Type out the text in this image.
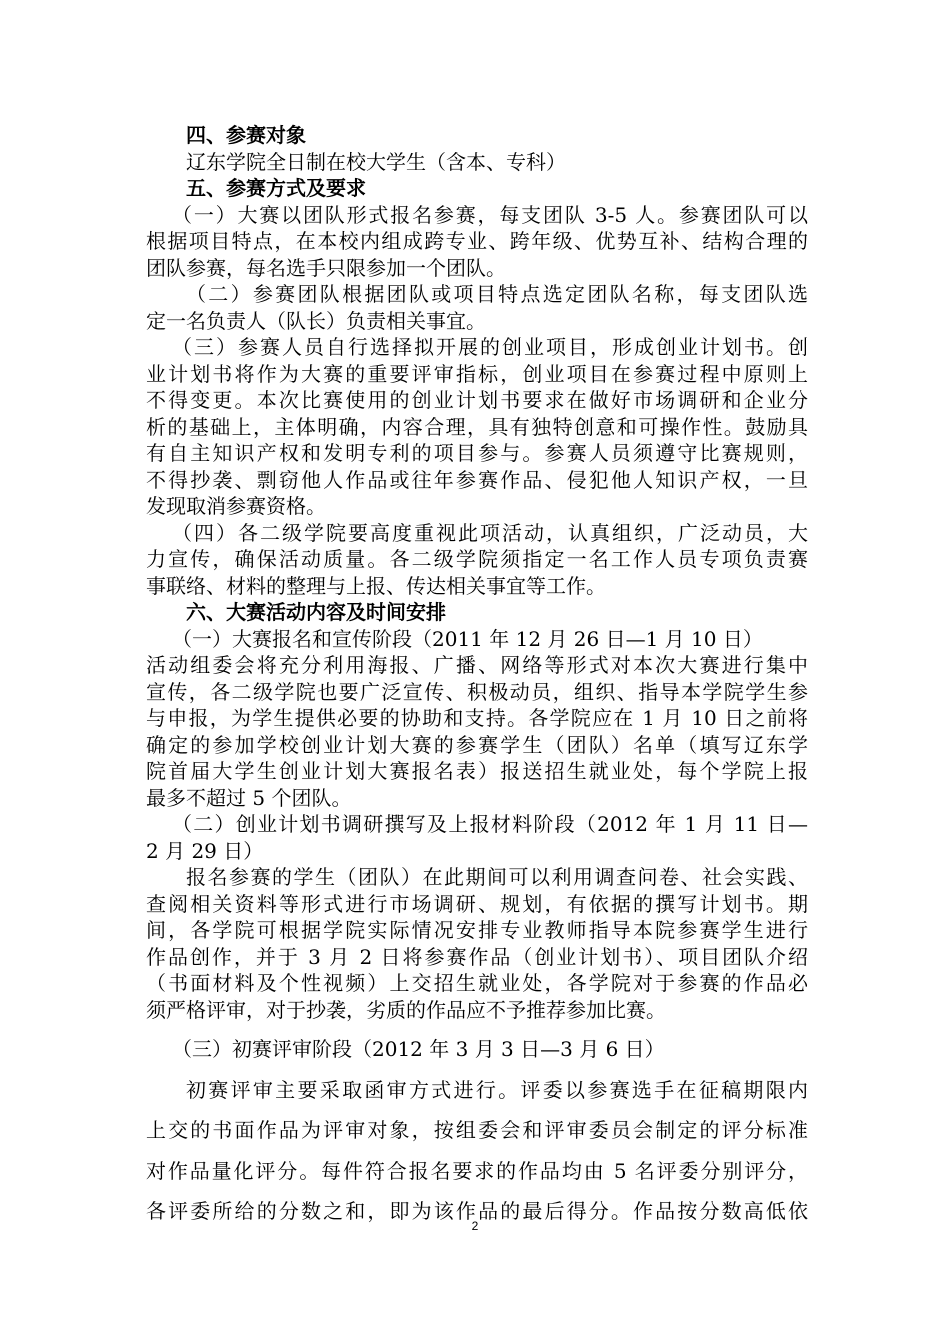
四、参赛对象

辽东学院全日制在校大学生（含本、专科）

五、参赛方式及要求

（一）大赛以团队形式报名参赛，每支团队 3-5 人。参赛团队可以

根据项目特点，在本校内组成跨专业、跨年级、优势互补、结构合理的

团队参赛，每名选手只限参加一个团队。

（二）参赛团队根据团队或项目特点选定团队名称，每支团队选

定一名负责人（队长）负责相关事宜。

（三）参赛人员自行选择拟开展的创业项目，形成创业计划书。创

业计划书将作为大赛的重要评审指标，创业项目在参赛过程中原则上

不得变更。本次比赛使用的创业计划书要求在做好市场调研和企业分

析的基础上，主体明确，内容合理，具有独特创意和可操作性。鼓励具

有自主知识产权和发明专利的项目参与。参赛人员须遵守比赛规则，

不得抄袭、剽窃他人作品或往年参赛作品、侵犯他人知识产权，一旦

发现取消参赛资格。

（四）各二级学院要高度重视此项活动，认真组织，广泛动员，大

力宣传，确保活动质量。各二级学院须指定一名工作人员专项负责赛

事联络、材料的整理与上报、传达相关事宜等工作。

六、大赛活动内容及时间安排

（一）大赛报名和宣传阶段（2011 年 12 月 26 日—1 月 10 日）

活动组委会将充分利用海报、广播、网络等形式对本次大赛进行集中

宣传，各二级学院也要广泛宣传、积极动员，组织、指导本学院学生参

与申报，为学生提供必要的协助和支持。各学院应在 1 月 10 日之前将

确定的参加学校创业计划大赛的参赛学生（团队）名单（填写辽东学

院首届大学生创业计划大赛报名表）报送招生就业处，每个学院上报

最多不超过 5 个团队。

（二）创业计划书调研撰写及上报材料阶段（2012 年 1 月 11 日—

2 月 29 日）

报名参赛的学生（团队）在此期间可以利用调查问卷、社会实践、

查阅相关资料等形式进行市场调研、规划，有依据的撰写计划书。期

间，各学院可根据学院实际情况安排专业教师指导本院参赛学生进行

作品创作，并于 3 月 2 日将参赛作品（创业计划书）、项目团队介绍

（书面材料及个性视频）上交招生就业处，各学院对于参赛的作品必

须严格评审，对于抄袭，劣质的作品应不予推荐参加比赛。

（三）初赛评审阶段（2012 年 3 月 3 日—3 月 6 日）

初赛评审主要采取函审方式进行。评委以参赛选手在征稿期限内

上交的书面作品为评审对象，按组委会和评审委员会制定的评分标准

对作品量化评分。每件符合报名要求的作品均由 5 名评委分别评分，

各评委所给的分数之和，即为该作品的最后得分。作品按分数高低依

2
